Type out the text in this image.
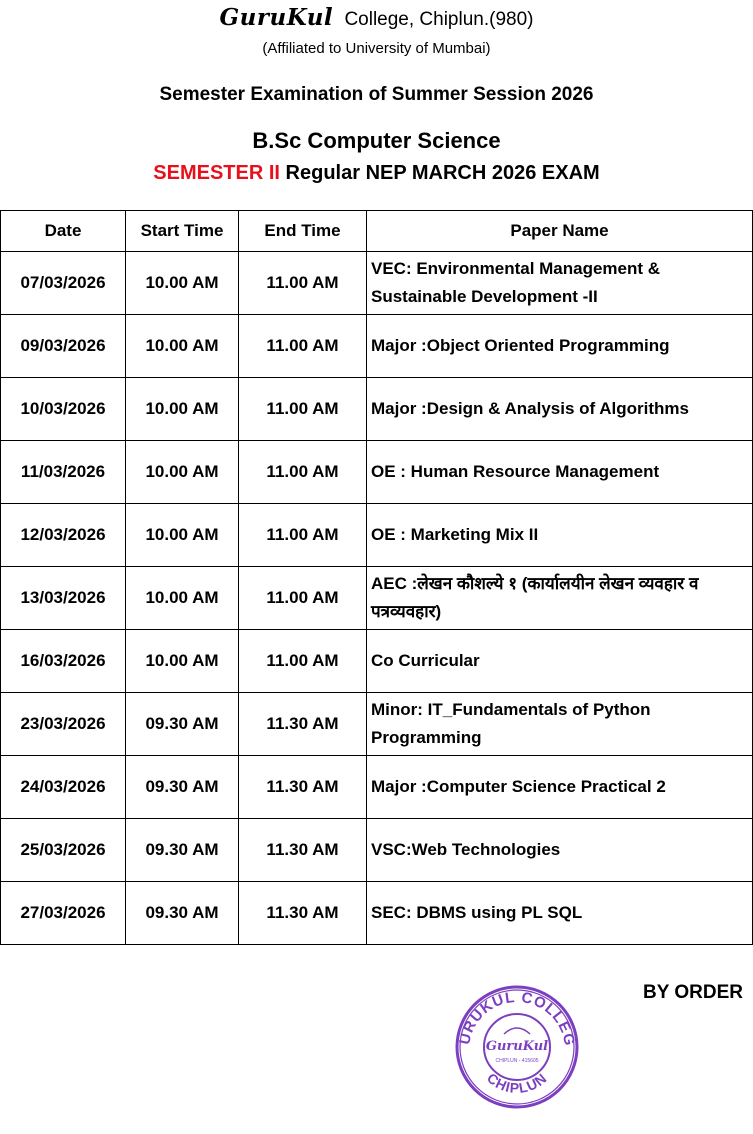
GuruKul College, Chiplun.(980)
(Affiliated to University of Mumbai)
Semester Examination of Summer Session 2026
B.Sc Computer Science
SEMESTER II Regular NEP MARCH 2026 EXAM
Date	Start Time	End Time	Paper Name
07/03/2026	10.00 AM	11.00 AM	VEC: Environmental Management & Sustainable Development -II
09/03/2026	10.00 AM	11.00 AM	Major :Object Oriented Programming
10/03/2026	10.00 AM	11.00 AM	Major :Design & Analysis of Algorithms
11/03/2026	10.00 AM	11.00 AM	OE : Human Resource Management
12/03/2026	10.00 AM	11.00 AM	OE : Marketing Mix II
13/03/2026	10.00 AM	11.00 AM	AEC :लेखन कौशल्ये १ (कार्यालयीन लेखन व्यवहार व पत्रव्यवहार)
16/03/2026	10.00 AM	11.00 AM	Co Curricular
23/03/2026	09.30 AM	11.30 AM	Minor: IT_Fundamentals of Python Programming
24/03/2026	09.30 AM	11.30 AM	Major :Computer Science Practical 2
25/03/2026	09.30 AM	11.30 AM	VSC:Web Technologies
27/03/2026	09.30 AM	11.30 AM	SEC: DBMS using PL SQL
BY ORDER
URUKUL COLLEG
CHIPLUN
GuruKul
CHIPLUN - 415605
